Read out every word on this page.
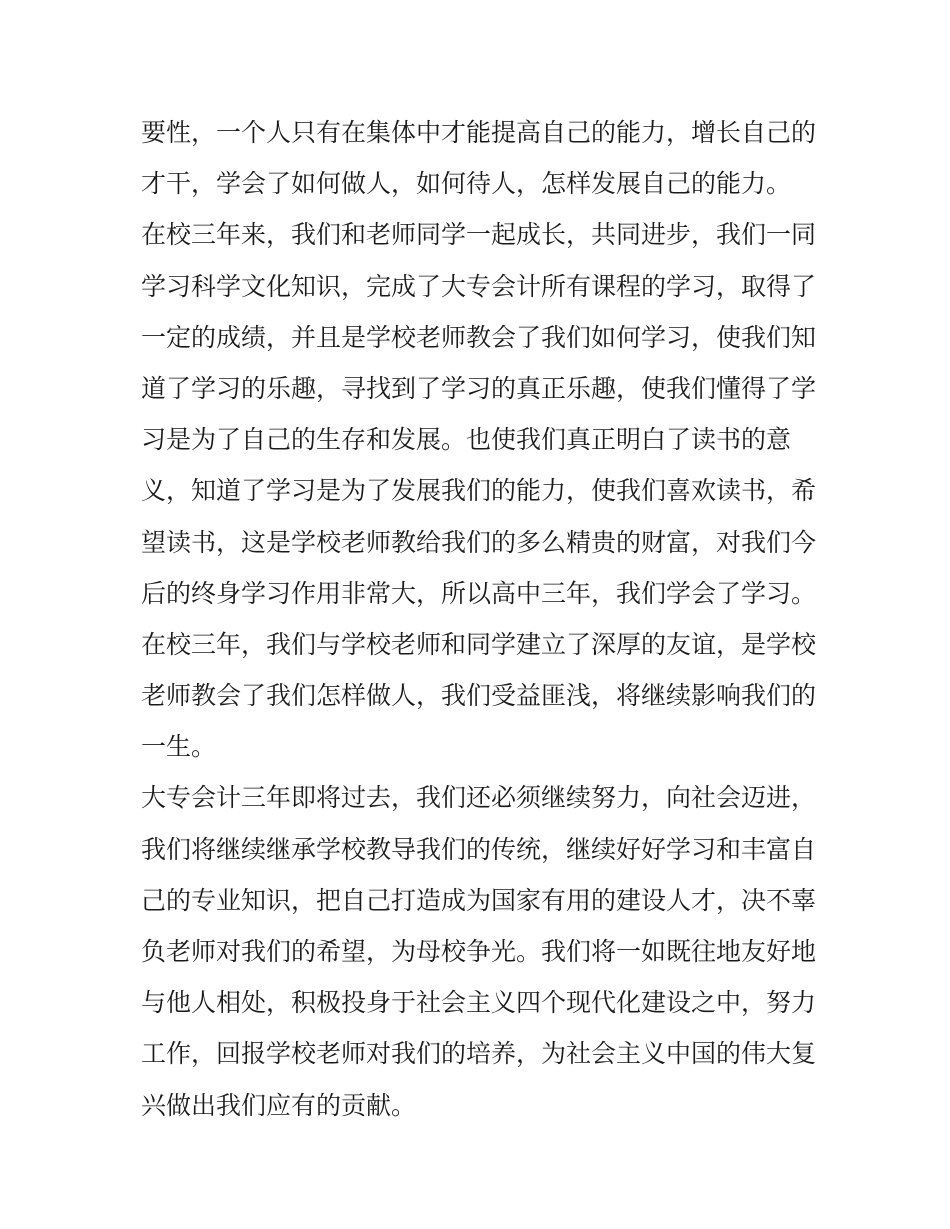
要性，一个人只有在集体中才能提高自己的能力，增长自己的
才干，学会了如何做人，如何待人，怎样发展自己的能力。
在校三年来，我们和老师同学一起成长，共同进步，我们一同
学习科学文化知识，完成了大专会计所有课程的学习，取得了
一定的成绩，并且是学校老师教会了我们如何学习，使我们知
道了学习的乐趣，寻找到了学习的真正乐趣，使我们懂得了学
习是为了自己的生存和发展。也使我们真正明白了读书的意
义，知道了学习是为了发展我们的能力，使我们喜欢读书，希
望读书，这是学校老师教给我们的多么精贵的财富，对我们今
后的终身学习作用非常大，所以高中三年，我们学会了学习。
在校三年，我们与学校老师和同学建立了深厚的友谊，是学校
老师教会了我们怎样做人，我们受益匪浅，将继续影响我们的
一生。
大专会计三年即将过去，我们还必须继续努力，向社会迈进，
我们将继续继承学校教导我们的传统，继续好好学习和丰富自
己的专业知识，把自己打造成为国家有用的建设人才，决不辜
负老师对我们的希望，为母校争光。我们将一如既往地友好地
与他人相处，积极投身于社会主义四个现代化建设之中，努力
工作，回报学校老师对我们的培养，为社会主义中国的伟大复
兴做出我们应有的贡献。
